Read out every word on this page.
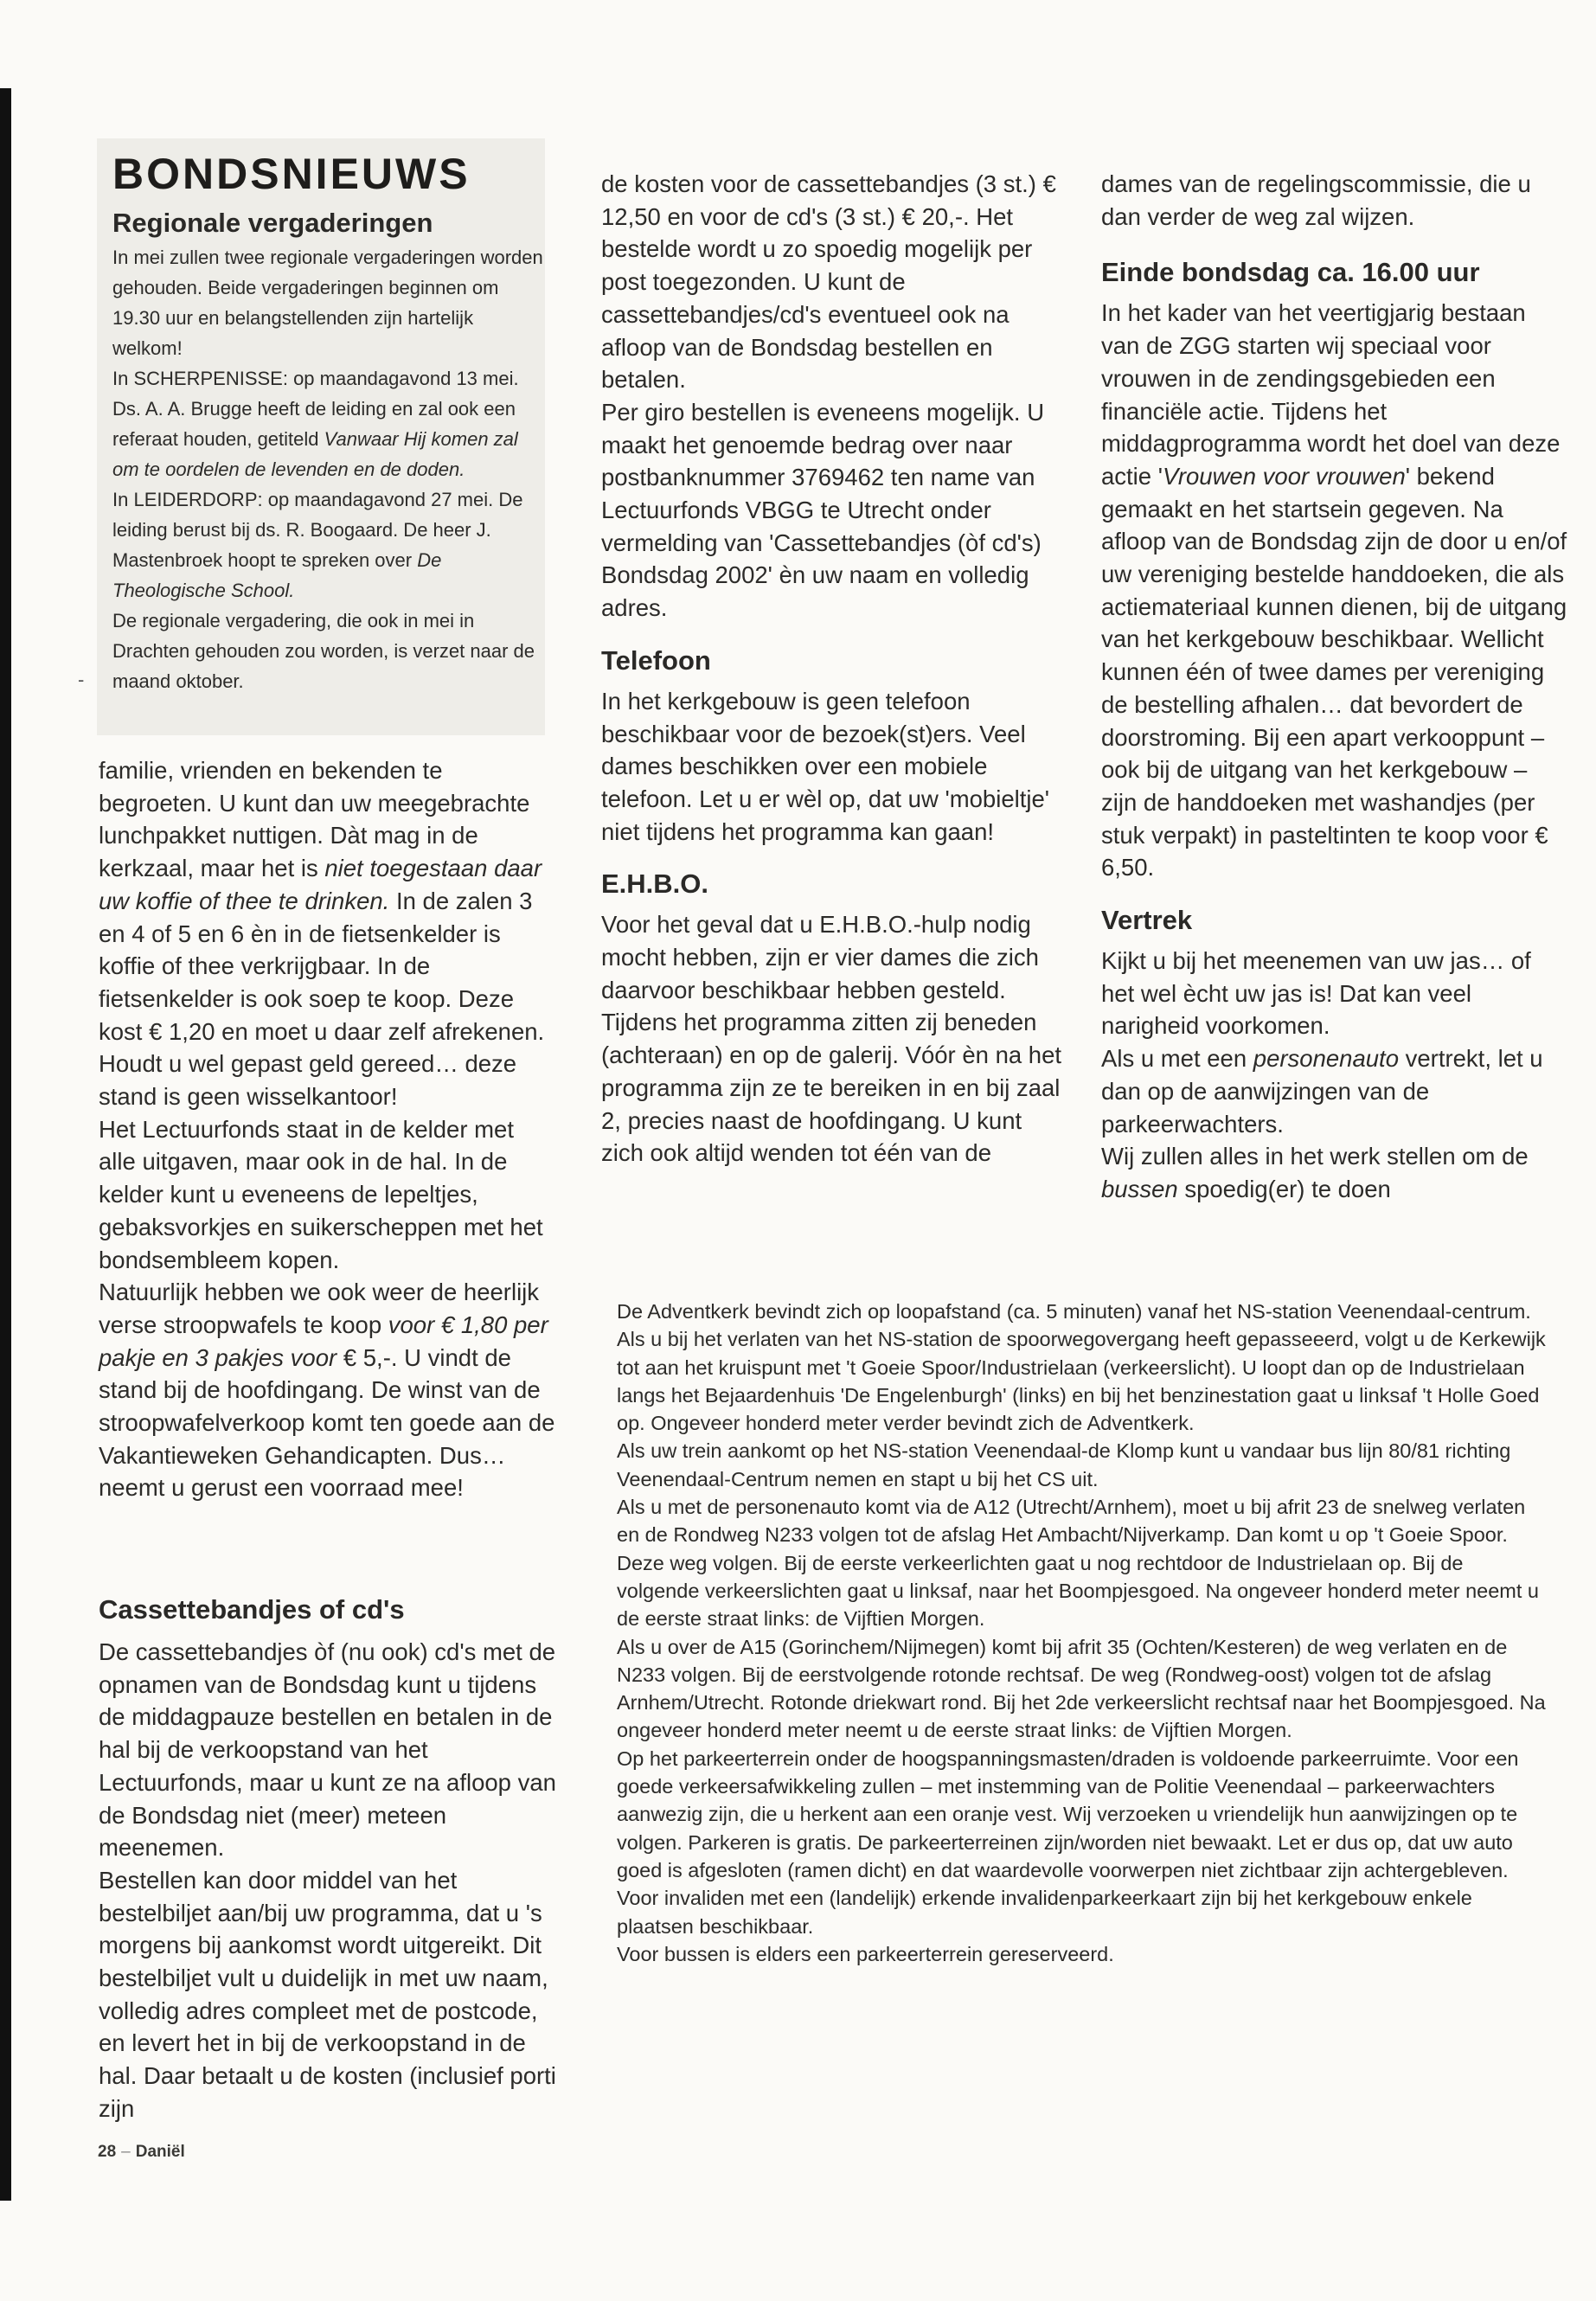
-
BONDSNIEUWS
Regionale vergaderingen

In mei zullen twee regionale vergaderingen worden gehouden. Beide vergaderingen beginnen om 19.30 uur en belangstellenden zijn hartelijk welkom!

In SCHERPENISSE: op maandagavond 13 mei. Ds. A. A. Brugge heeft de leiding en zal ook een referaat houden, getiteld Vanwaar Hij komen zal om te oordelen de levenden en de doden.

In LEIDERDORP: op maandagavond 27 mei. De leiding berust bij ds. R. Boogaard. De heer J. Mastenbroek hoopt te spreken over De Theologische School.

De regionale vergadering, die ook in mei in Drachten gehouden zou worden, is verzet naar de maand oktober.

familie, vrienden en bekenden te begroeten. U kunt dan uw meegebrachte lunchpakket nuttigen. Dàt mag in de kerkzaal, maar het is niet toegestaan daar uw koffie of thee te drinken. In de zalen 3 en 4 of 5 en 6 èn in de fietsenkelder is koffie of thee verkrijgbaar. In de fietsenkelder is ook soep te koop. Deze kost € 1,20 en moet u daar zelf afrekenen. Houdt u wel gepast geld gereed… deze stand is geen wisselkantoor!

Het Lectuurfonds staat in de kelder met alle uitgaven, maar ook in de hal. In de kelder kunt u eveneens de lepeltjes, gebaksvorkjes en suikerscheppen met het bondsembleem kopen.

Natuurlijk hebben we ook weer de heerlijk verse stroopwafels te koop voor € 1,80 per pakje en 3 pakjes voor € 5,-. U vindt de stand bij de hoofdingang. De winst van de stroopwafelverkoop komt ten goede aan de Vakantieweken Gehandicapten. Dus… neemt u gerust een voorraad mee!

Cassettebandjes of cd's

De cassettebandjes òf (nu ook) cd's met de opnamen van de Bondsdag kunt u tijdens de middagpauze bestellen en betalen in de hal bij de verkoopstand van het Lectuurfonds, maar u kunt ze na afloop van de Bondsdag niet (meer) meteen meenemen.

Bestellen kan door middel van het bestelbiljet aan/bij uw programma, dat u 's morgens bij aankomst wordt uitgereikt. Dit bestelbiljet vult u duidelijk in met uw naam, volledig adres compleet met de postcode, en levert het in bij de verkoopstand in de hal. Daar betaalt u de kosten (inclusief porti zijn

de kosten voor de cassettebandjes (3 st.) € 12,50 en voor de cd's (3 st.) € 20,-. Het bestelde wordt u zo spoedig mogelijk per post toegezonden. U kunt de cassettebandjes/cd's eventueel ook na afloop van de Bondsdag bestellen en betalen.

Per giro bestellen is eveneens mogelijk. U maakt het genoemde bedrag over naar postbanknummer 3769462 ten name van Lectuurfonds VBGG te Utrecht onder vermelding van 'Cassettebandjes (òf cd's) Bondsdag 2002' èn uw naam en volledig adres.

Telefoon

In het kerkgebouw is geen telefoon beschikbaar voor de bezoek(st)ers. Veel dames beschikken over een mobiele telefoon. Let u er wèl op, dat uw 'mobieltje' niet tijdens het programma kan gaan!

E.H.B.O.

Voor het geval dat u E.H.B.O.-hulp nodig mocht hebben, zijn er vier dames die zich daarvoor beschikbaar hebben gesteld. Tijdens het programma zitten zij beneden (achteraan) en op de galerij. Vóór èn na het programma zijn ze te bereiken in en bij zaal 2, precies naast de hoofdingang. U kunt zich ook altijd wenden tot één van de

dames van de regelingscommissie, die u dan verder de weg zal wijzen.

Einde bondsdag ca. 16.00 uur

In het kader van het veertigjarig bestaan van de ZGG starten wij speciaal voor vrouwen in de zendingsgebieden een financiële actie. Tijdens het middagprogramma wordt het doel van deze actie 'Vrouwen voor vrouwen' bekend gemaakt en het startsein gegeven. Na afloop van de Bondsdag zijn de door u en/of uw vereniging bestelde handdoeken, die als actiemateriaal kunnen dienen, bij de uitgang van het kerkgebouw beschikbaar. Wellicht kunnen één of twee dames per vereniging de bestelling afhalen… dat bevordert de doorstroming. Bij een apart verkooppunt – ook bij de uitgang van het kerkgebouw – zijn de handdoeken met washandjes (per stuk verpakt) in pasteltinten te koop voor € 6,50.

Vertrek

Kijkt u bij het meenemen van uw jas… of het wel ècht uw jas is! Dat kan veel narigheid voorkomen.

Als u met een personenauto vertrekt, let u dan op de aanwijzingen van de parkeerwachters.

Wij zullen alles in het werk stellen om de bussen spoedig(er) te doen

De Adventkerk bevindt zich op loopafstand (ca. 5 minuten) vanaf het NS-station Veenendaal-centrum. Als u bij het verlaten van het NS-station de spoorwegovergang heeft gepasseeerd, volgt u de Kerkewijk tot aan het kruispunt met 't Goeie Spoor/Industrielaan (verkeerslicht). U loopt dan op de Industrielaan langs het Bejaardenhuis 'De Engelenburgh' (links) en bij het benzinestation gaat u linksaf 't Holle Goed op. Ongeveer honderd meter verder bevindt zich de Adventkerk.

Als uw trein aankomt op het NS-station Veenendaal-de Klomp kunt u vandaar bus lijn 80/81 richting Veenendaal-Centrum nemen en stapt u bij het CS uit.

Als u met de personenauto komt via de A12 (Utrecht/Arnhem), moet u bij afrit 23 de snelweg verlaten en de Rondweg N233 volgen tot de afslag Het Ambacht/Nijverkamp. Dan komt u op 't Goeie Spoor. Deze weg volgen. Bij de eerste verkeerlichten gaat u nog rechtdoor de Industrielaan op. Bij de volgende verkeerslichten gaat u linksaf, naar het Boompjesgoed. Na ongeveer honderd meter neemt u de eerste straat links: de Vijftien Morgen.

Als u over de A15 (Gorinchem/Nijmegen) komt bij afrit 35 (Ochten/Kesteren) de weg verlaten en de N233 volgen. Bij de eerstvolgende rotonde rechtsaf. De weg (Rondweg-oost) volgen tot de afslag Arnhem/Utrecht. Rotonde driekwart rond. Bij het 2de verkeerslicht rechtsaf naar het Boompjesgoed. Na ongeveer honderd meter neemt u de eerste straat links: de Vijftien Morgen.

Op het parkeerterrein onder de hoogspanningsmasten/draden is voldoende parkeerruimte. Voor een goede verkeersafwikkeling zullen – met instemming van de Politie Veenendaal – parkeerwachters aanwezig zijn, die u herkent aan een oranje vest. Wij verzoeken u vriendelijk hun aanwijzingen op te volgen. Parkeren is gratis. De parkeerterreinen zijn/worden niet bewaakt. Let er dus op, dat uw auto goed is afgesloten (ramen dicht) en dat waardevolle voorwerpen niet zichtbaar zijn achtergebleven.

Voor invaliden met een (landelijk) erkende invalidenparkeerkaart zijn bij het kerkgebouw enkele plaatsen beschikbaar.

Voor bussen is elders een parkeerterrein gereserveerd.

28 – Daniël
